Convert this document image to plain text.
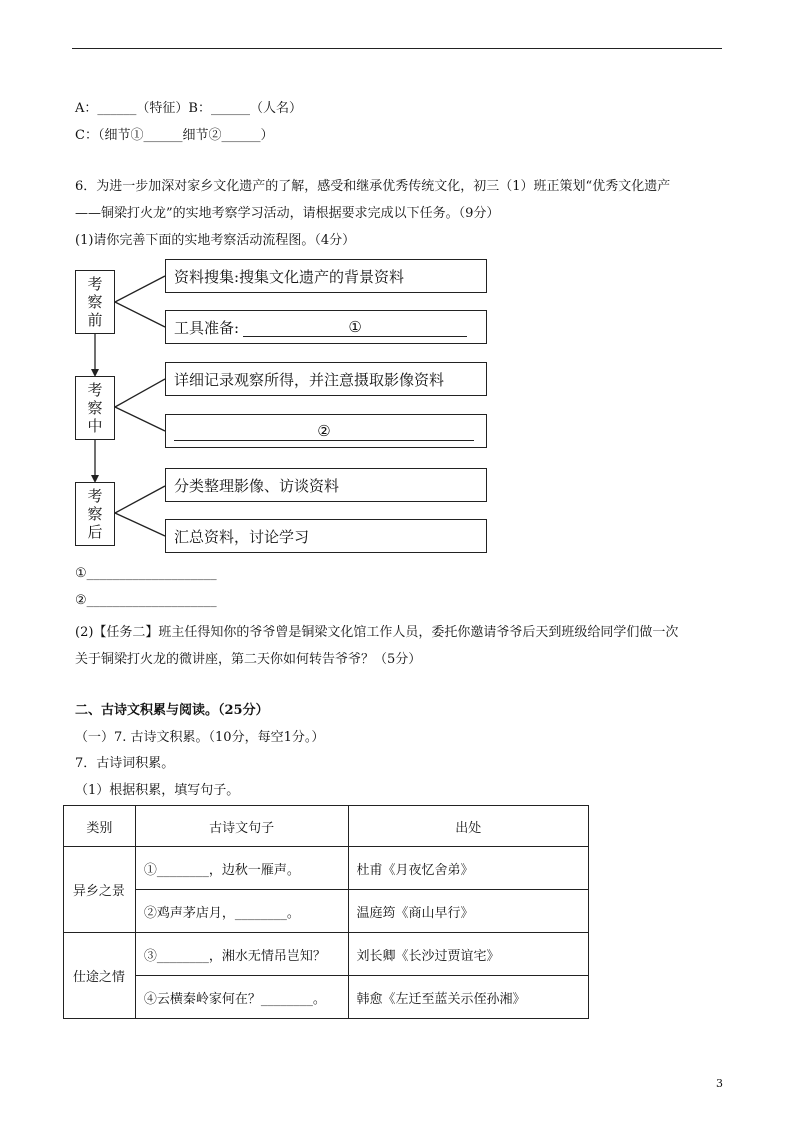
A：______（特征）B：______（人名）
C：（细节①______细节②______）
6．为进一步加深对家乡文化遗产的了解，感受和继承优秀传统文化，初三（1）班正策划“优秀文化遗产
——铜梁打火龙”的实地考察学习活动，请根据要求完成以下任务。（9分）
(1)请你完善下面的实地考察活动流程图。（4分）
考
察
前
考
察
中
考
察
后
资料搜集:搜集文化遗产的背景资料
工具准备:	①
详细记录观察所得，并注意摄取影像资料
②
分类整理影像、访谈资料
汇总资料，讨论学习
①____________________
②____________________
(2)【任务二】班主任得知你的爷爷曾是铜梁文化馆工作人员，委托你邀请爷爷后天到班级给同学们做一次
关于铜梁打火龙的微讲座，第二天你如何转告爷爷？（5分）
二、古诗文积累与阅读。（25分）
（一）7. 古诗文积累。（10分，每空1分。）
7．古诗词积累。
（1）根据积累，填写句子。
类别	古诗文句子	出处
异乡之景	①________，边秋一雁声。	杜甫《月夜忆舍弟》
	②鸡声茅店月，________。	温庭筠《商山早行》
仕途之情	③________，湘水无情吊岂知？	刘长卿《长沙过贾谊宅》
	④云横秦岭家何在？________。	韩愈《左迁至蓝关示侄孙湘》
3
